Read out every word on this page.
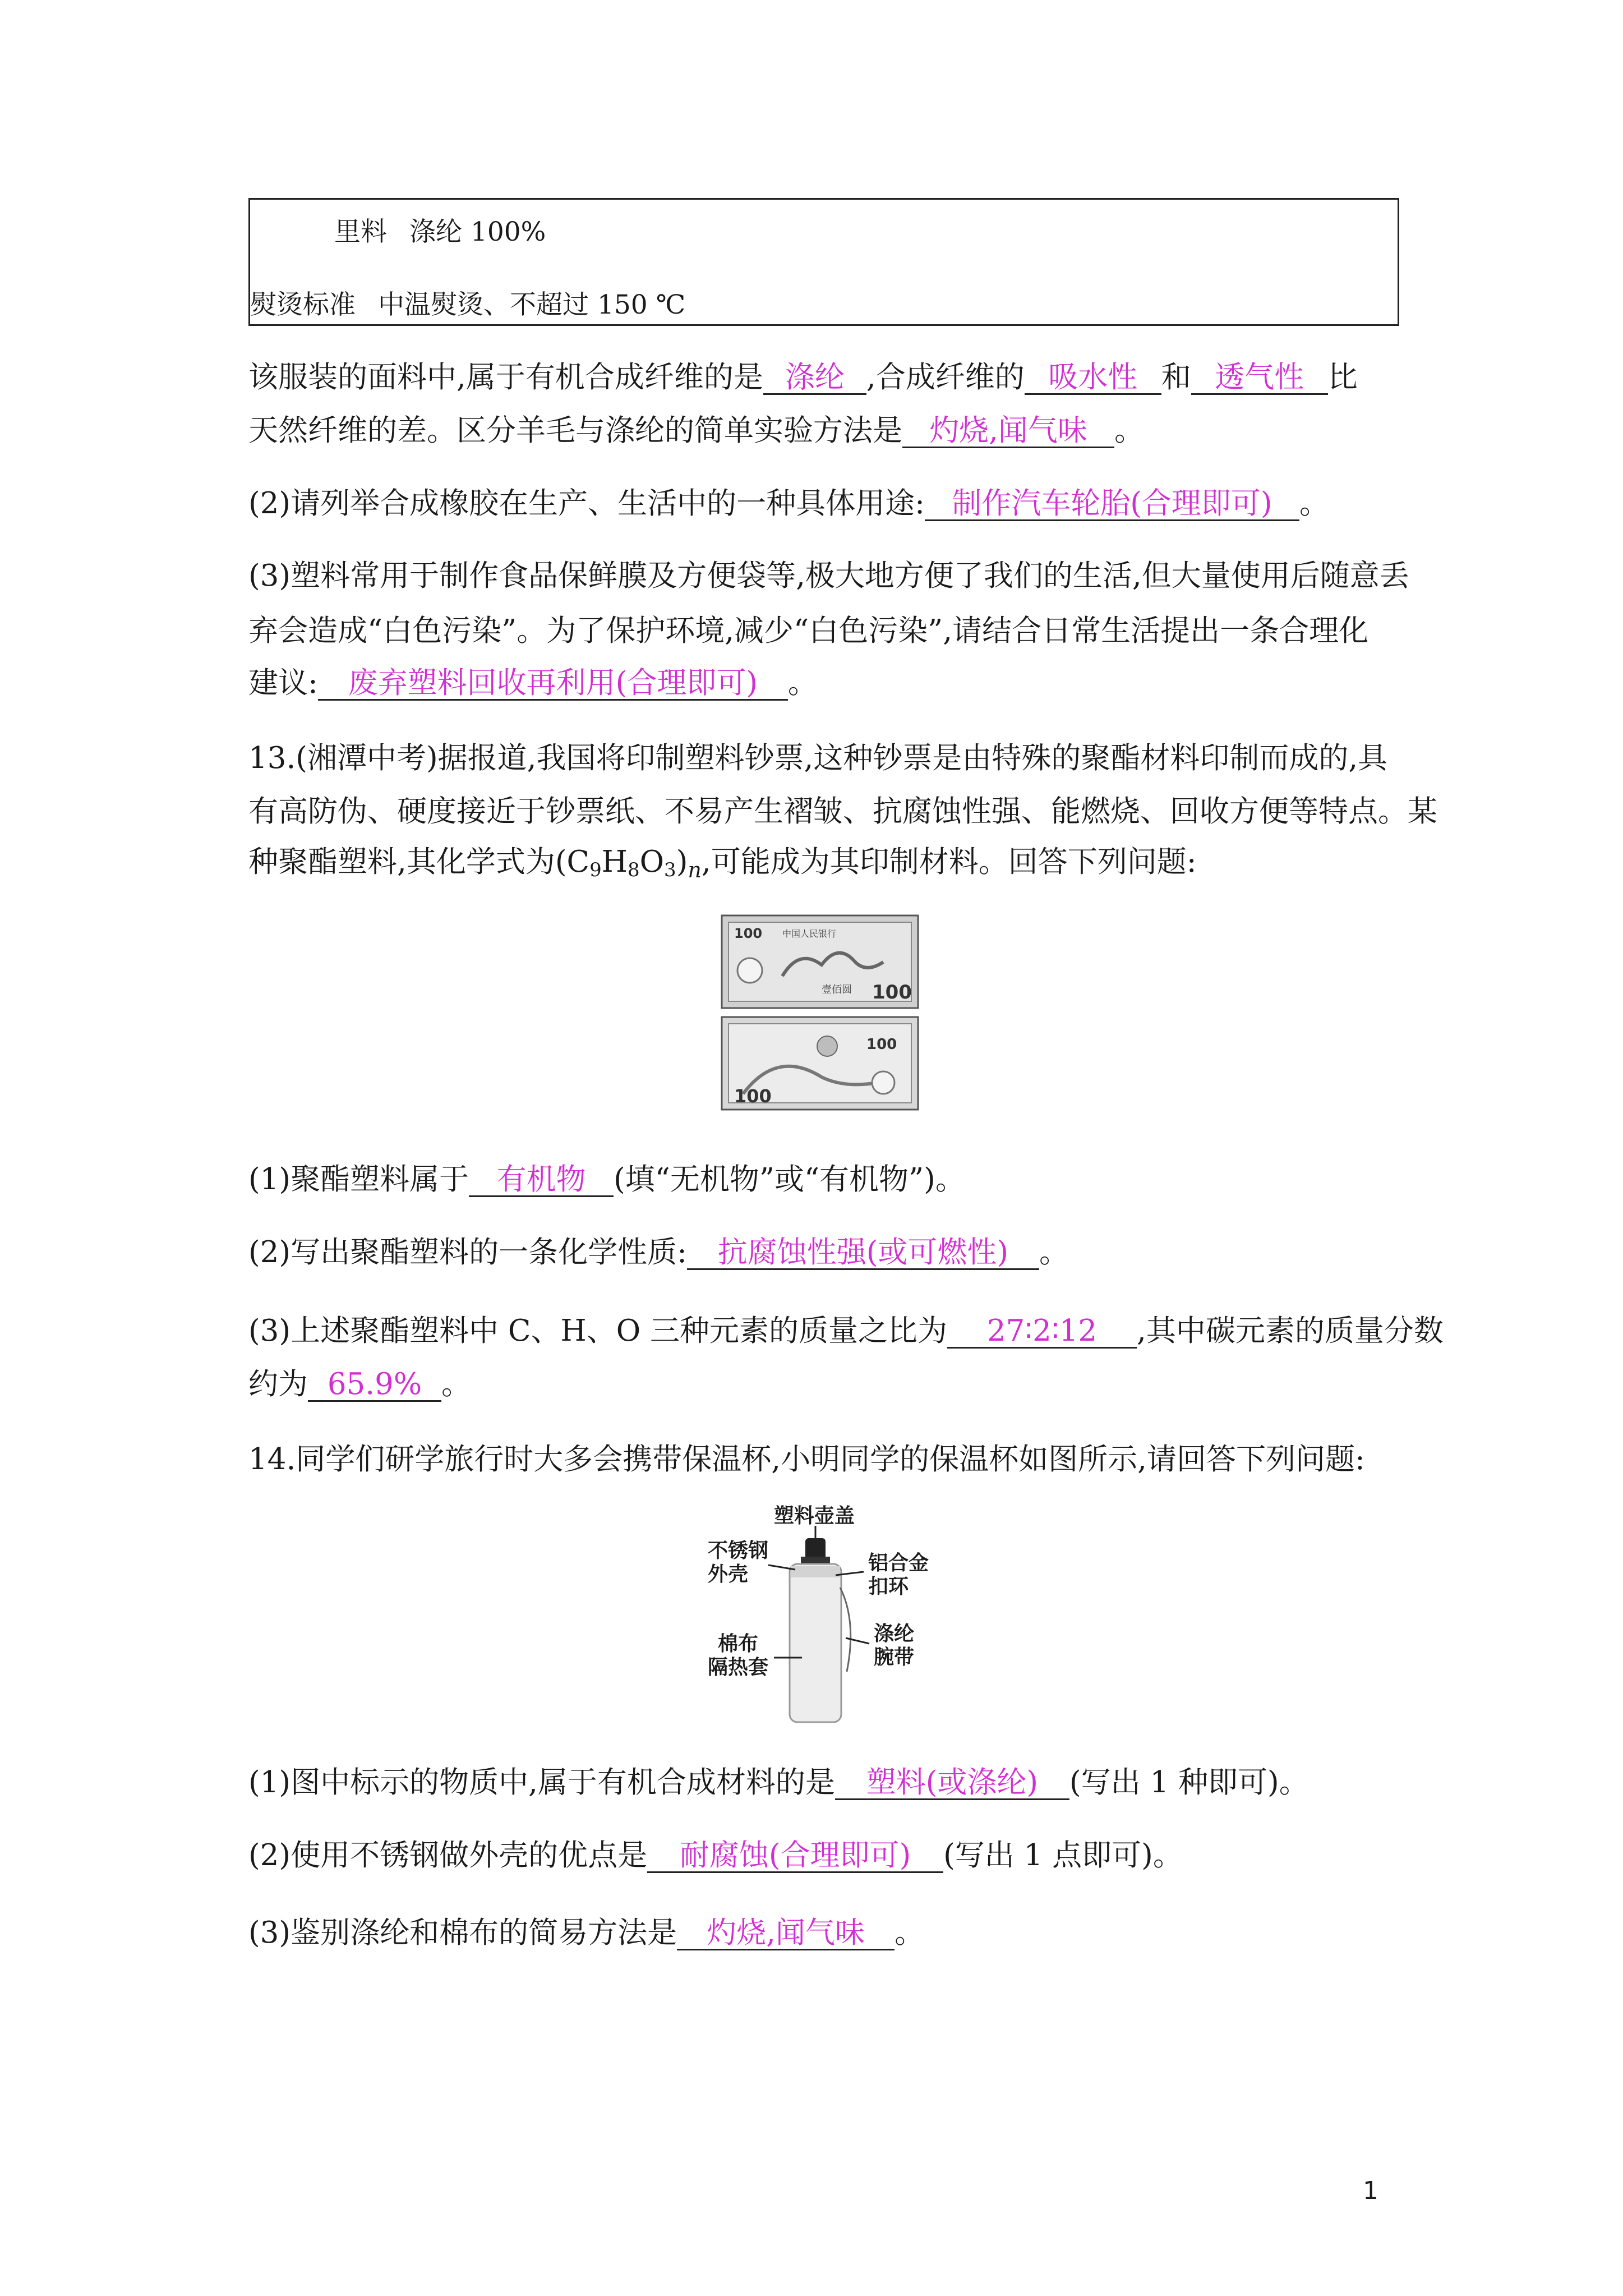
里料 涤纶 100%
熨烫标准 中温熨烫、不超过 150 ℃
该服装的面料中,属于有机合成纤维的是 涤纶 ,合成纤维的 吸水性 和 透气性 比
天然纤维的差。区分羊毛与涤纶的简单实验方法是 灼烧,闻气味 。
(2)请列举合成橡胶在生产、生活中的一种具体用途: 制作汽车轮胎(合理即可) 。
(3)塑料常用于制作食品保鲜膜及方便袋等,极大地方便了我们的生活,但大量使用后随意丢
弃会造成“白色污染”。为了保护环境,减少“白色污染”,请结合日常生活提出一条合理化
建议: 废弃塑料回收再利用(合理即可) 。
13.(湘潭中考)据报道,我国将印制塑料钞票,这种钞票是由特殊的聚酯材料印制而成的,具
有高防伪、硬度接近于钞票纸、不易产生褶皱、抗腐蚀性强、能燃烧、回收方便等特点。某
种聚酯塑料,其化学式为$(C_9H_8O_3)n$,可能成为其印制材料。回答下列问题:
100 中国人民银行
壹佰圆 100
100
100
(1)聚酯塑料属于 有机物 (填“无机物”或“有机物”)。
(2)写出聚酯塑料的一条化学性质: 抗腐蚀性强(或可燃性) 。
(3)上述聚酯塑料中 C、H、O 三种元素的质量之比为 27∶2∶12 ,其中碳元素的质量分数
约为 65.9% 。
14.同学们研学旅行时大多会携带保温杯,小明同学的保温杯如图所示,请回答下列问题:
塑料壶盖
不锈钢
外壳	铝合金
扣环
涤纶
腕带
棉布
隔热套
(1)图中标示的物质中,属于有机合成材料的是 塑料(或涤纶) (写出 1 种即可)。
(2)使用不锈钢做外壳的优点是 耐腐蚀(合理即可) (写出 1 点即可)。
(3)鉴别涤纶和棉布的简易方法是 灼烧,闻气味 。
1
